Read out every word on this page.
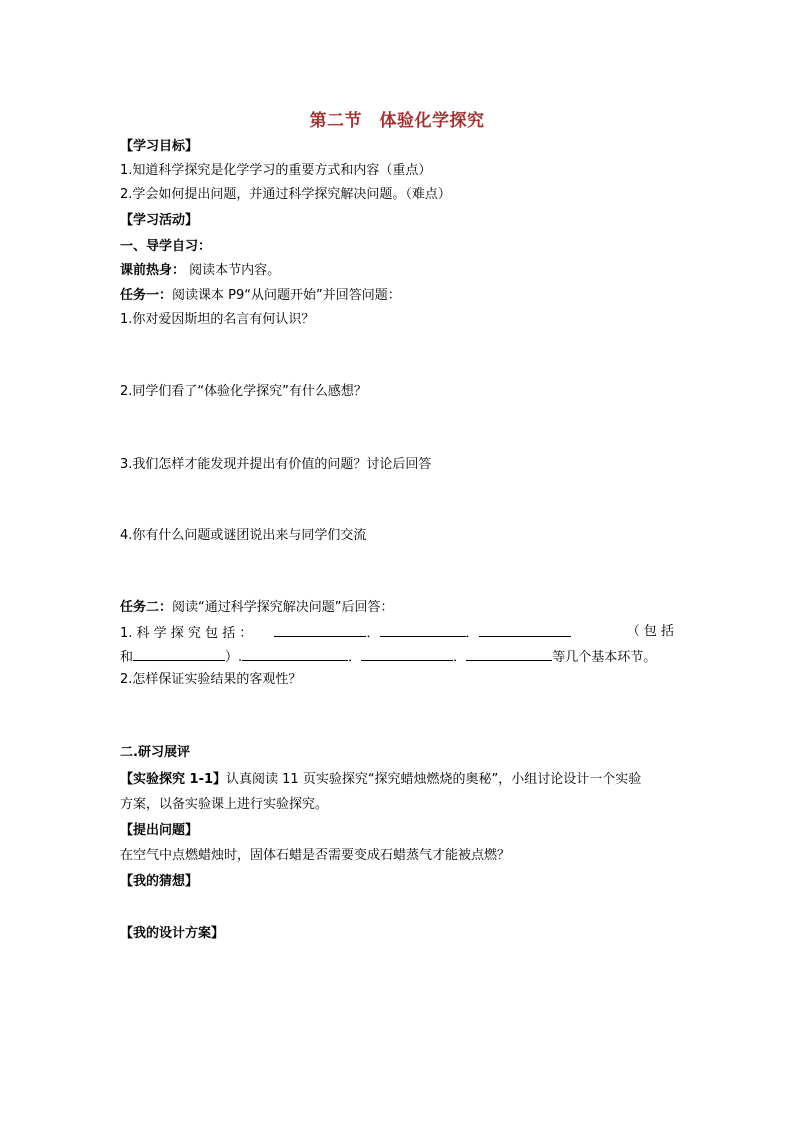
第二节　体验化学探究
【学习目标】
1.知道科学探究是化学学习的重要方式和内容（重点）
2.学会如何提出问题，并通过科学探究解决问题。（难点）
【学习活动】
一、导学自习：
课前热身： 阅读本节内容。
任务一：阅读课本 P9“从问题开始”并回答问题：
1.你对爱因斯坦的名言有何认识？
2.同学们看了“体验化学探究”有什么感想？
3.我们怎样才能发现并提出有价值的问题？讨论后回答
4.你有什么问题或谜团说出来与同学们交流
任务二：阅读“通过科学探究解决问题”后回答：
1. 科 学 探 究 包 括 ：	．	．	（ 包 括
和	）.	．	．	等几个基本环节。
2.怎样保证实验结果的客观性？
二.研习展评
【实验探究 1-1】认真阅读 11 页实验探究“探究蜡烛燃烧的奥秘”，小组讨论设计一个实验
方案，以备实验课上进行实验探究。
【提出问题】
在空气中点燃蜡烛时，固体石蜡是否需要变成石蜡蒸气才能被点燃？
【我的猜想】
【我的设计方案】
